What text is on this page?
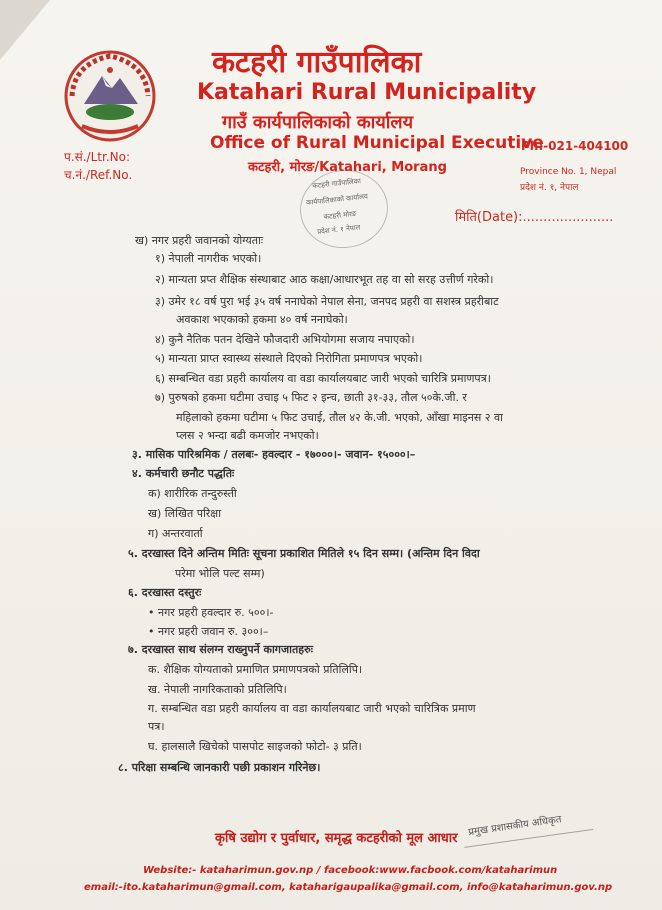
कटहरी गाउँपालिका
Katahari Rural Municipality
गाउँ कार्यपालिकाको कार्यालय
Office of Rural Municipal Executive
कटहरी, मोरङ/Katahari, Morang
प.सं./Ltr.No:
च.नं./Ref.No.
Ph:-021-404100
Province No. 1, Nepal
प्रदेश नं. १, नेपाल
मिति(Date):......................
कटहरी गाउँपालिका
कार्यपालिकाको कार्यालय
कटहरी मोरङ
प्रदेश नं. १ नेपाल
ख) नगर प्रहरी जवानको योग्यताः
१) नेपाली नागरीक भएको।
२) मान्यता प्रप्त शैक्षिक संस्थाबाट आठ कक्षा/आधारभूत तह वा सो सरह उत्तीर्ण गरेको।
३) उमेर १८ वर्ष पुरा भई ३५ वर्ष ननाघेको नेपाल सेना, जनपद प्रहरी वा सशस्त्र प्रहरीबाट
अवकाश भएकाको हकमा ४० वर्ष ननाघेको।
४) कुनै नैतिक पतन देखिने फौजदारी अभियोगमा सजाय नपाएको।
५) मान्यता प्राप्त स्वास्थ्य संस्थाले दिएको निरोगिता प्रमाणपत्र भएको।
६) सम्बन्धित वडा प्रहरी कार्यालय वा वडा कार्यालयबाट जारी भएको चारित्रि प्रमाणपत्र।
७) पुरुषको हकमा घटीमा उचाइ ५ फिट २ इन्च, छाती ३१-३३, तौल ५०के.जी. र
महिलाको हकमा घटीमा ५ फिट उचाई, तौल ४२ के.जी. भएको, आँखा माइनस २ वा
प्लस २ भन्दा बढी कमजोर नभएको।
३. मासिक पारिश्रमिक / तलबः- हवल्दार - १७०००।- जवान- १५०००।–
४. कर्मचारी छनौट पद्धतिः
क) शारीरिक तन्दुरुस्ती
ख) लिखित परिक्षा
ग) अन्तरवार्ता
५. दरखास्त दिने अन्तिम मितिः सूचना प्रकाशित मितिले १५ दिन सम्म। (अन्तिम दिन विदा
परेमा भोलि पल्ट सम्म)
६. दरखास्त दस्तुरः
• नगर प्रहरी हवल्दार रु. ५००।-
• नगर प्रहरी जवान रु. ३००।–
७. दरखास्त साथ संलग्न राख्नुपर्ने कागजातहरुः
क. शैक्षिक योग्यताको प्रमाणित प्रमाणपत्रको प्रतिलिपि।
ख. नेपाली नागरिकताको प्रतिलिपि।
ग. सम्बन्धित वडा प्रहरी कार्यालय वा वडा कार्यालयबाट जारी भएको चारित्रिक प्रमाण
पत्र।
घ. हालसालै खिचेको पासपोट साइजको फोटो- ३ प्रति।
८. परिक्षा सम्बन्धि जानकारी पछी प्रकाशन गरिनेछ।
प्रमुख प्रशासकीय अधिकृत
कृषि उद्योग र पुर्वाधार, समृद्ध कटहरीको मूल आधार
Website:- kataharimun.gov.np / facebook:www.facbook.com/kataharimun
email:-ito.kataharimun@gmail.com, kataharigaupalika@gmail.com, info@kataharimun.gov.np
